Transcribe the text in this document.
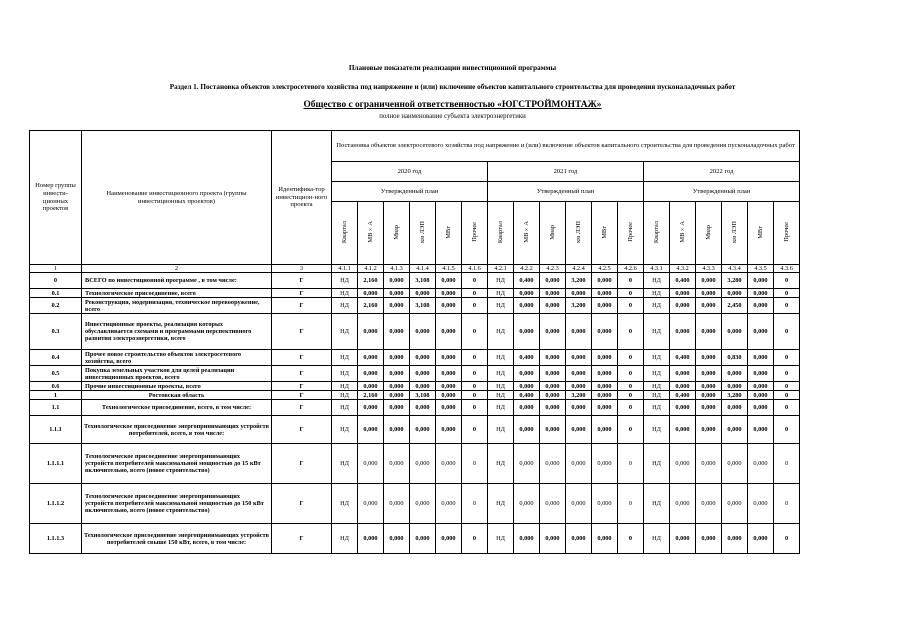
Плановые показатели реализации инвестиционной программы
Раздел 1. Постановка объектов электросетевого хозяйства под напряжение и (или) включение объектов капитального строительства для проведения пусконаладочных работ
Общество с ограниченной ответственностью «ЮГСТРОЙМОНТАЖ»
полное наименование субъекта электроэнергетики
Номер группы инвести-ционных проектов	Наименование инвестиционного проекта (группы инвестиционных проектов)	Идентифика-тор инвестицион-ного проекта	Постановка объектов электросетевого хозяйства под напряжение и (или) включение объектов капитального строительства для проведения пусконаладочных работ																	
			2020 год						2021 год						2022 год					
			Утвержденный план						Утвержденный план						Утвержденный план					
			Квартал	МВ×А	Мвар	км ЛЭП	МВт	Прочее	Квартал	МВ×А	Мвар	км ЛЭП	МВт	Прочее	Квартал	МВ×А	Мвар	км ЛЭП	МВт	Прочее
1	2	3	4.1.1	4.1.2	4.1.3	4.1.4	4.1.5	4.1.6	4.2.1	4.2.2	4.2.3	4.2.4	4.2.5	4.2.6	4.3.1	4.3.2	4.3.3	4.3.4	4.3.5	4.3.6
0	ВСЕГО по инвестиционной программе , в том числе:	Г	НД	2,160	0,000	3,108	0,000	0	НД	0,400	0,000	3,200	0,000	0	НД	0,400	0,000	3,280	0,000	0
0.1	Технологическое присоединение, всего	Г	НД	0,000	0,000	0,000	0,000	0	НД	0,000	0,000	0,000	0,000	0	НД	0,000	0,000	0,000	0,000	0
0.2	Реконструкция, модернизация, техническое перевооружение, всего	Г	НД	2,160	0,000	3,108	0,000	0	НД	0,000	0,000	3,200	0,000	0	НД	0,000	0,000	2,450	0,000	0
0.3	Инвестиционные проекты, реализация которых обуславливается схемами и программами перспективного развития электроэнергетики, всего	Г	НД	0,000	0,000	0,000	0,000	0	НД	0,000	0,000	0,000	0,000	0	НД	0,000	0,000	0,000	0,000	0
0.4	Прочее новое строительство объектов электросетевого хозяйства, всего	Г	НД	0,000	0,000	0,000	0,000	0	НД	0,400	0,000	0,000	0,000	0	НД	0,400	0,000	0,830	0,000	0
0.5	Покупка земельных участков для целей реализации инвестиционных проектов, всего	Г	НД	0,000	0,000	0,000	0,000	0	НД	0,000	0,000	0,000	0,000	0	НД	0,000	0,000	0,000	0,000	0
0.6	Прочие инвестиционные проекты, всего	Г	НД	0,000	0,000	0,000	0,000	0	НД	0,000	0,000	0,000	0,000	0	НД	0,000	0,000	0,000	0,000	0
1	Ростовская область	Г	НД	2,160	0,000	3,108	0,000	0	НД	0,400	0,000	3,200	0,000	0	НД	0,400	0,000	3,280	0,000	0
1.1	Технологическое присоединение, всего, в том числе:	Г	НД	0,000	0,000	0,000	0,000	0	НД	0,000	0,000	0,000	0,000	0	НД	0,000	0,000	0,000	0,000	0
1.1.1	Технологическое присоединение энергопринимающих устройств потребителей, всего, в том числе:	Г	НД	0,000	0,000	0,000	0,000	0	НД	0,000	0,000	0,000	0,000	0	НД	0,000	0,000	0,000	0,000	0
1.1.1.1	Технологическое присоединение энергопринимающих устройств потребителей максимальной мощностью до 15 кВт включительно, всего (новое строительство)	Г	НД	0,000	0,000	0,000	0,000	0	НД	0,000	0,000	0,000	0,000	0	НД	0,000	0,000	0,000	0,000	0
1.1.1.2	Технологическое присоединение энергопринимающих устройств потребителей максимальной мощностью до 150 кВт включительно, всего (новое строительство)	Г	НД	0,000	0,000	0,000	0,000	0	НД	0,000	0,000	0,000	0,000	0	НД	0,000	0,000	0,000	0,000	0
1.1.1.3	Технологическое присоединение энергопринимающих устройств потребителей свыше 150 кВт, всего, в том числе:	Г	НД	0,000	0,000	0,000	0,000	0	НД	0,000	0,000	0,000	0,000	0	НД	0,000	0,000	0,000	0,000	0
